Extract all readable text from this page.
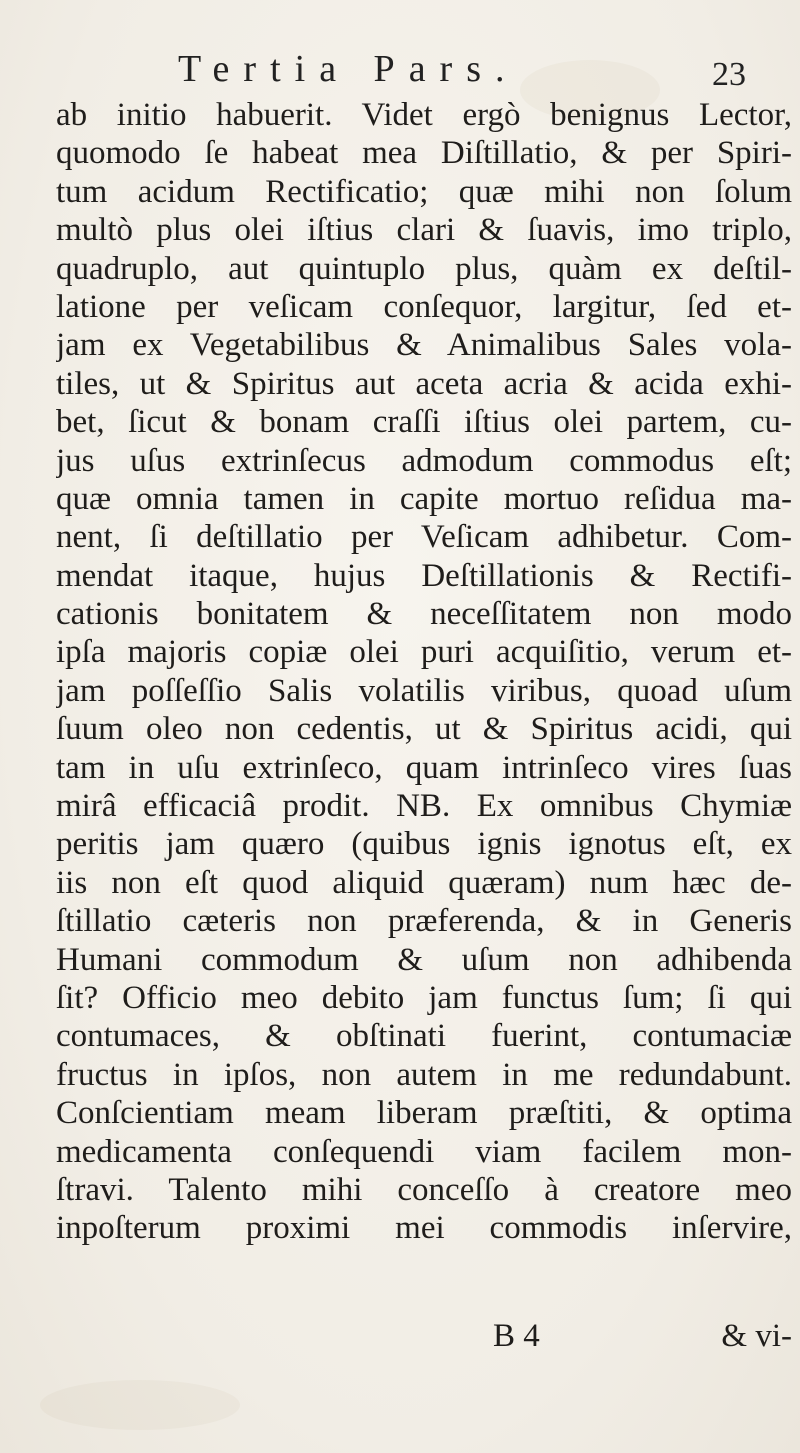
Tertia Pars.	23
ab initio habuerit. Videt ergò benignus Lector,
quomodo ſe habeat mea Diſtillatio, & per Spiri-
tum acidum Rectificatio; quæ mihi non ſolum
multò plus olei iſtius clari & ſuavis, imo triplo,
quadruplo, aut quintuplo plus, quàm ex deſtil-
latione per veſicam conſequor, largitur, ſed et-
jam ex Vegetabilibus & Animalibus Sales vola-
tiles, ut & Spiritus aut aceta acria & acida exhi-
bet, ſicut & bonam craſſi iſtius olei partem, cu-
jus uſus extrinſecus admodum commodus eſt;
quæ omnia tamen in capite mortuo reſidua ma-
nent, ſi deſtillatio per Veſicam adhibetur. Com-
mendat itaque, hujus Deſtillationis & Rectifi-
cationis bonitatem & neceſſitatem non modo
ipſa majoris copiæ olei puri acquiſitio, verum et-
jam poſſeſſio Salis volatilis viribus, quoad uſum
ſuum oleo non cedentis, ut & Spiritus acidi, qui
tam in uſu extrinſeco, quam intrinſeco vires ſuas
mirâ efficaciâ prodit. NB. Ex omnibus Chymiæ
peritis jam quæro (quibus ignis ignotus eſt, ex
iis non eſt quod aliquid quæram) num hæc de-
ſtillatio cæteris non præferenda, & in Generis
Humani commodum & uſum non adhibenda
ſit? Officio meo debito jam functus ſum; ſi qui
contumaces, & obſtinati fuerint, contumaciæ
fructus in ipſos, non autem in me redundabunt.
Conſcientiam meam liberam præſtiti, & optima
medicamenta conſequendi viam facilem mon-
ſtravi. Talento mihi conceſſo à creatore meo
inpoſterum proximi mei commodis inſervire,
B 4	& vi-
